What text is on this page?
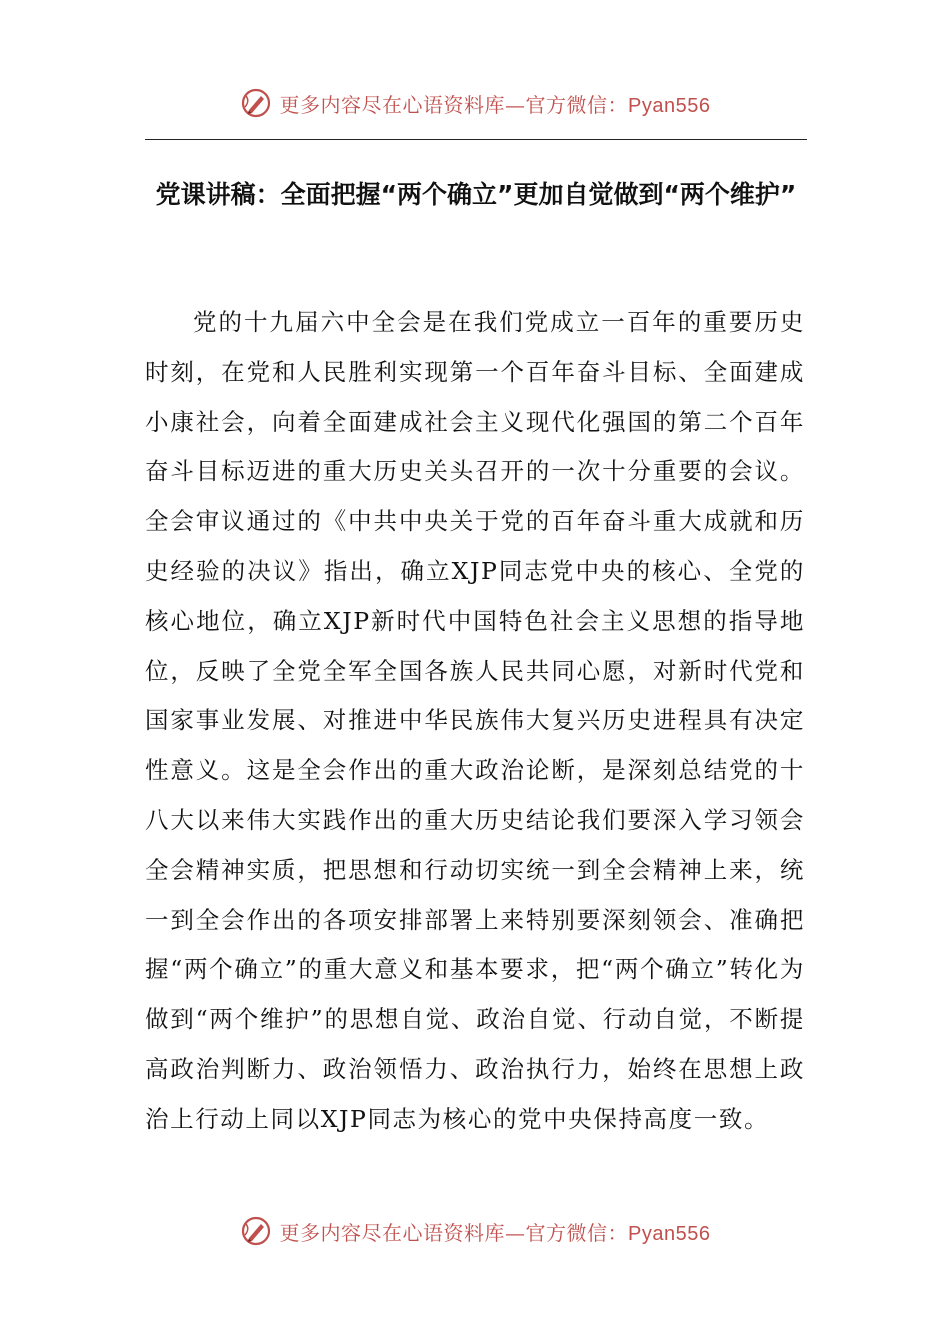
更多内容尽在心语资料库—官方微信：Pyan556
党课讲稿：全面把握“两个确立”更加自觉做到“两个维护”

党的十九届六中全会是在我们党成立一百年的重要历史时刻，在党和人民胜利实现第一个百年奋斗目标、全面建成小康社会，向着全面建成社会主义现代化强国的第二个百年奋斗目标迈进的重大历史关头召开的一次十分重要的会议。全会审议通过的《中共中央关于党的百年奋斗重大成就和历史经验的决议》指出，确立XJP同志党中央的核心、全党的核心地位，确立XJP新时代中国特色社会主义思想的指导地位，反映了全党全军全国各族人民共同心愿，对新时代党和国家事业发展、对推进中华民族伟大复兴历史进程具有决定性意义。这是全会作出的重大政治论断，是深刻总结党的十八大以来伟大实践作出的重大历史结论我们要深入学习领会全会精神实质，把思想和行动切实统一到全会精神上来，统一到全会作出的各项安排部署上来特别要深刻领会、准确把握“两个确立”的重大意义和基本要求，把“两个确立”转化为做到“两个维护”的思想自觉、政治自觉、行动自觉，不断提高政治判断力、政治领悟力、政治执行力，始终在思想上政治上行动上同以XJP同志为核心的党中央保持高度一致。

更多内容尽在心语资料库—官方微信：Pyan556
